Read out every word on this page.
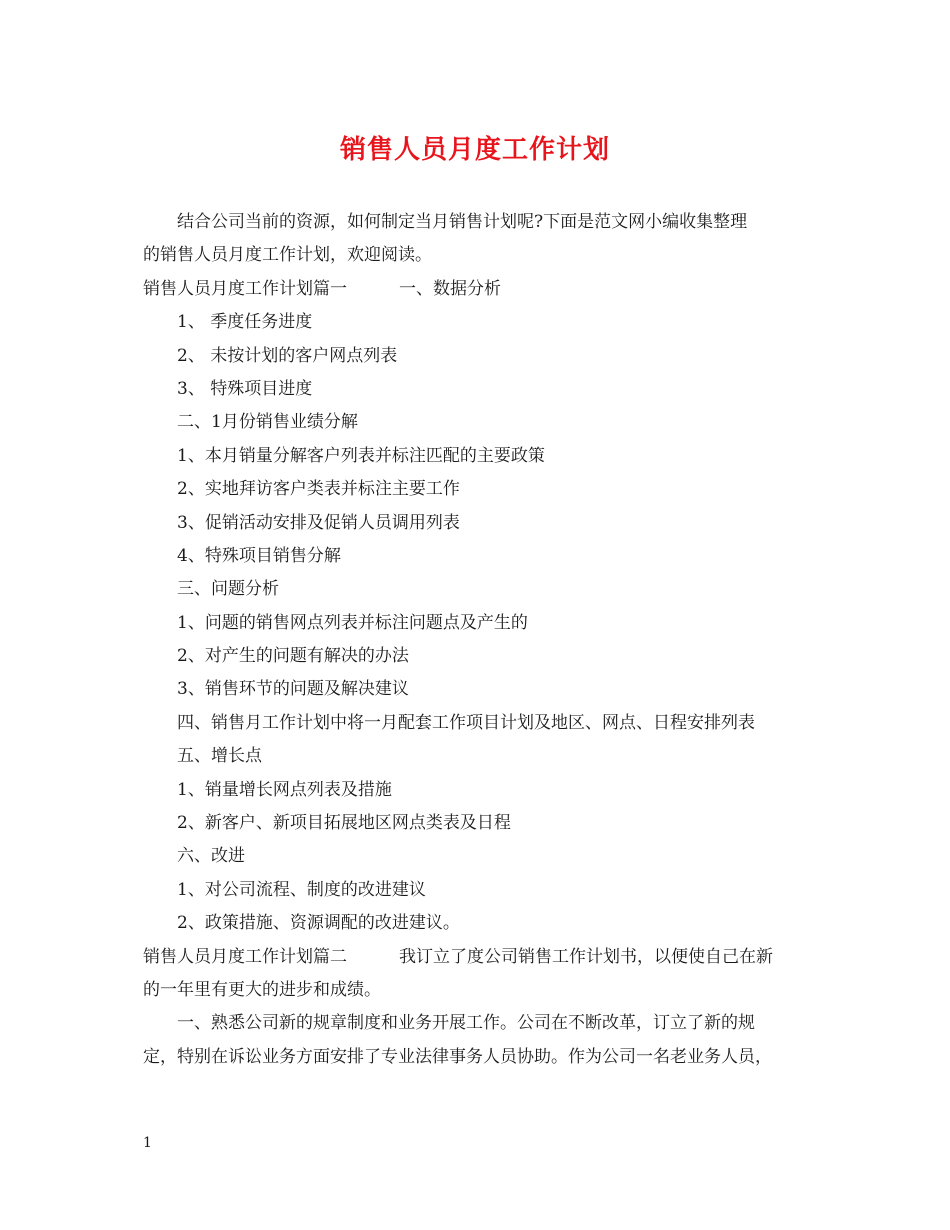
销售人员月度工作计划
结合公司当前的资源，如何制定当月销售计划呢?下面是范文网小编收集整理
的销售人员月度工作计划，欢迎阅读。
销售人员月度工作计划篇一	一、数据分析
1、 季度任务进度
2、 未按计划的客户网点列表
3、 特殊项目进度
二、1月份销售业绩分解
1、本月销量分解客户列表并标注匹配的主要政策
2、实地拜访客户类表并标注主要工作
3、促销活动安排及促销人员调用列表
4、特殊项目销售分解
三、问题分析
1、问题的销售网点列表并标注问题点及产生的
2、对产生的问题有解决的办法
3、销售环节的问题及解决建议
四、销售月工作计划中将一月配套工作项目计划及地区、网点、日程安排列表
五、增长点
1、销量增长网点列表及措施
2、新客户、新项目拓展地区网点类表及日程
六、改进
1、对公司流程、制度的改进建议
2、政策措施、资源调配的改进建议。
销售人员月度工作计划篇二	我订立了度公司销售工作计划书，以便使自己在新
的一年里有更大的进步和成绩。
一、熟悉公司新的规章制度和业务开展工作。公司在不断改革，订立了新的规
定，特别在诉讼业务方面安排了专业法律事务人员协助。作为公司一名老业务人员，
1
